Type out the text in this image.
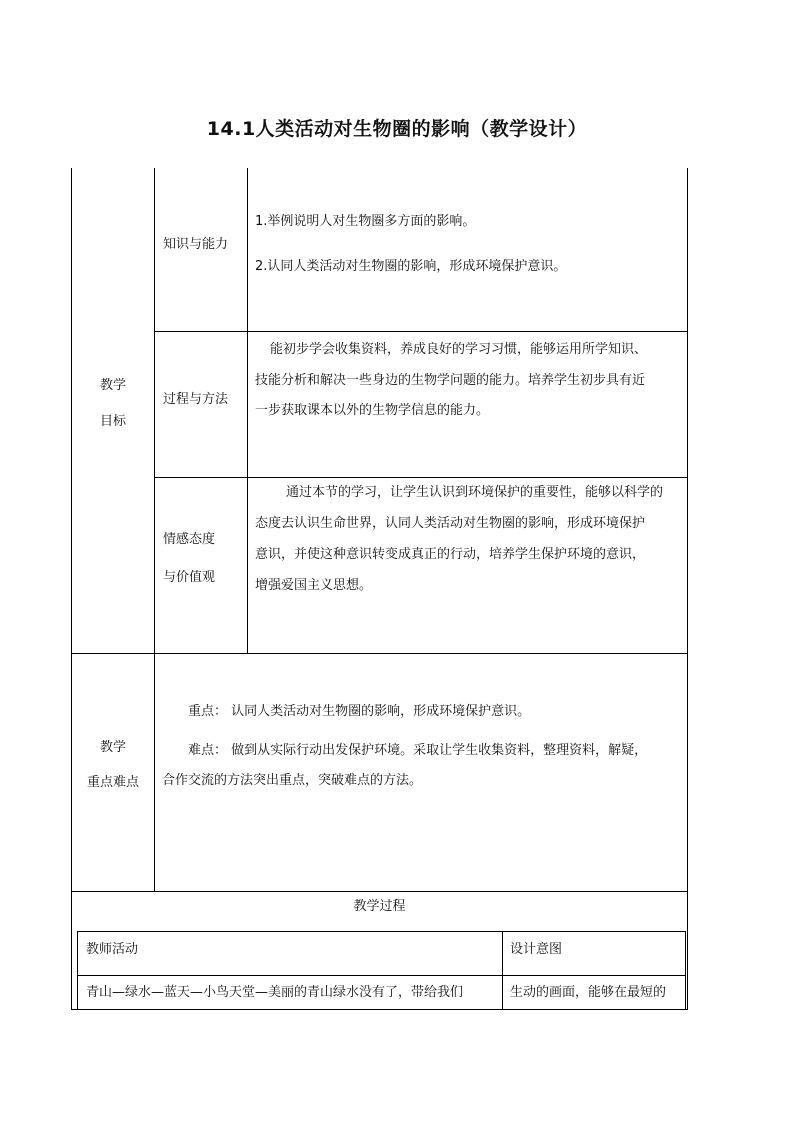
14.1人类活动对生物圈的影响（教学设计）
教学
目标
知识与能力
1.举例说明人对生物圈多方面的影响。
2.认同人类活动对生物圈的影响，形成环境保护意识。
过程与方法
能初步学会收集资料，养成良好的学习习惯，能够运用所学知识、
技能分析和解决一些身边的生物学问题的能力。培养学生初步具有近
一步获取课本以外的生物学信息的能力。
情感态度
与价值观
通过本节的学习，让学生认识到环境保护的重要性，能够以科学的
态度去认识生命世界，认同人类活动对生物圈的影响，形成环境保护
意识，并使这种意识转变成真正的行动，培养学生保护环境的意识，
增强爱国主义思想。
教学
重点难点
重点： 认同人类活动对生物圈的影响，形成环境保护意识。
难点： 做到从实际行动出发保护环境。采取让学生收集资料，整理资料，解疑，
合作交流的方法突出重点，突破难点的方法。
教学过程
教师活动	设计意图
青山—绿水—蓝天—小鸟天堂—美丽的青山绿水没有了，带给我们	生动的画面，能够在最短的
